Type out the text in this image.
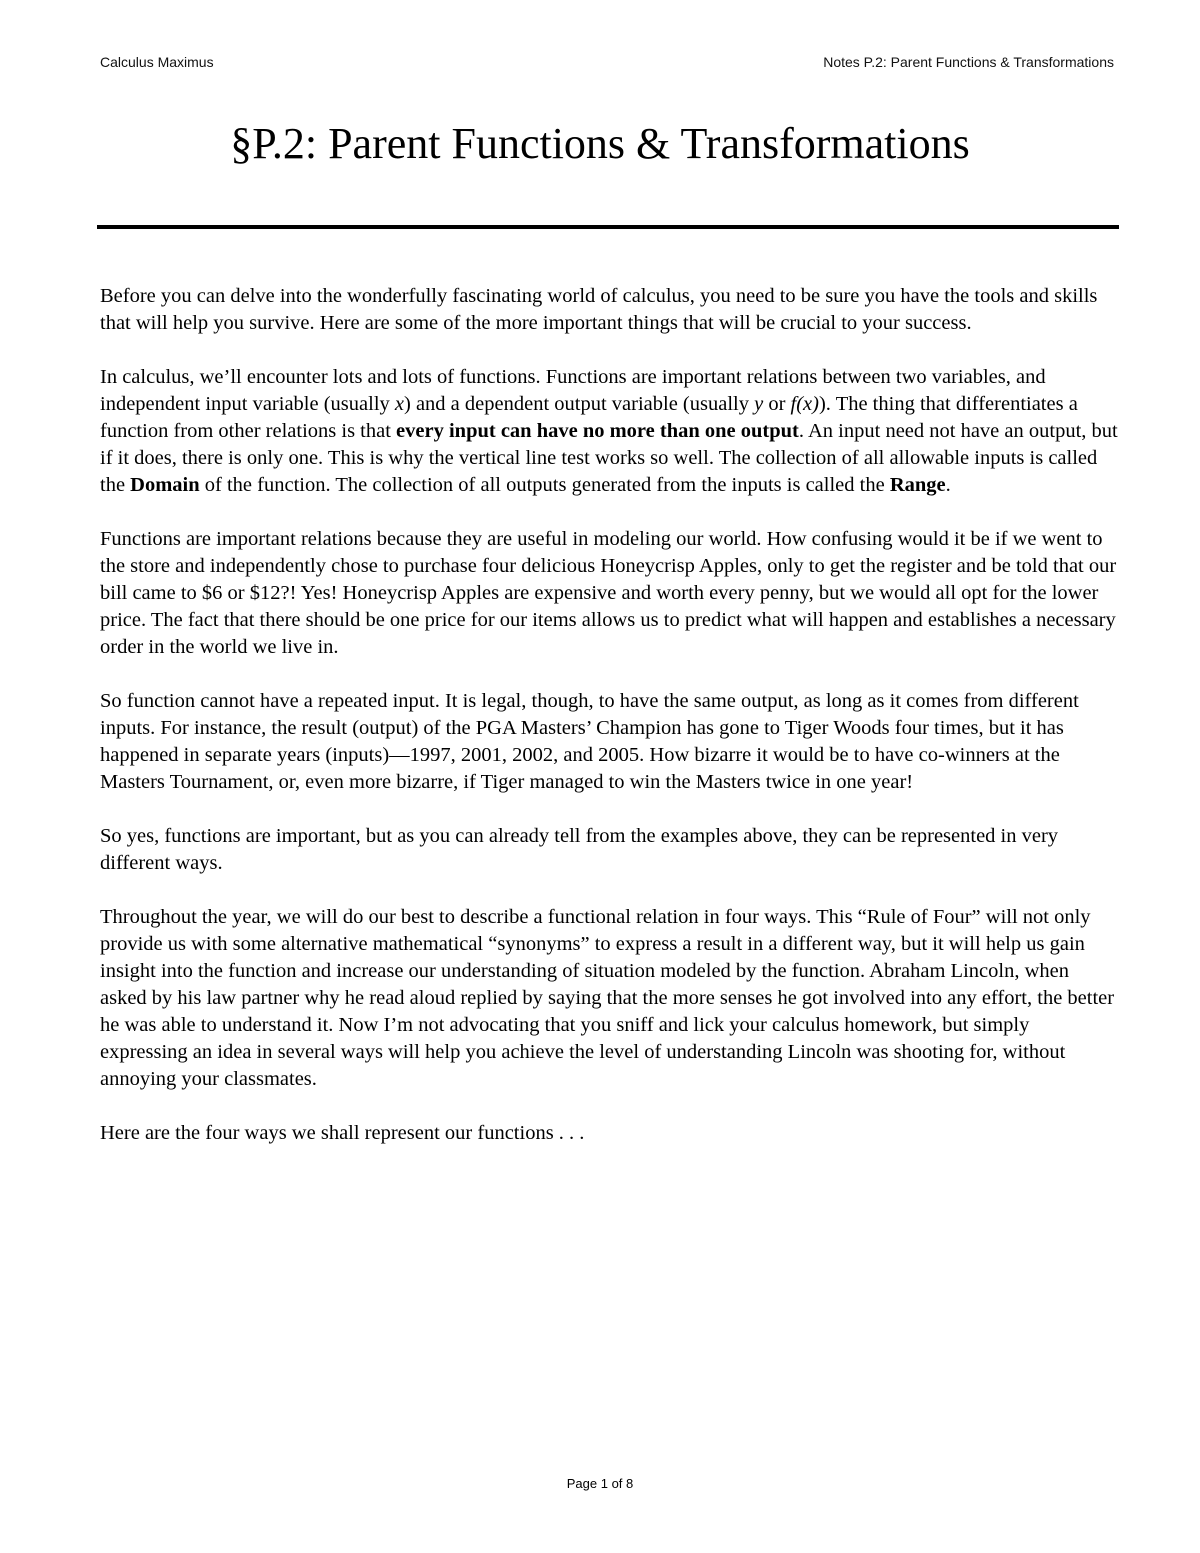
Calculus Maximus	Notes P.2: Parent Functions & Transformations
§P.2: Parent Functions & Transformations

Before you can delve into the wonderfully fascinating world of calculus, you need to be sure you have the tools and skills that will help you survive. Here are some of the more important things that will be crucial to your success.

In calculus, we’ll encounter lots and lots of functions. Functions are important relations between two variables, and independent input variable (usually x) and a dependent output variable (usually y or f(x)). The thing that differentiates a function from other relations is that every input can have no more than one output. An input need not have an output, but if it does, there is only one. This is why the vertical line test works so well. The collection of all allowable inputs is called the Domain of the function. The collection of all outputs generated from the inputs is called the Range.

Functions are important relations because they are useful in modeling our world. How confusing would it be if we went to the store and independently chose to purchase four delicious Honeycrisp Apples, only to get the register and be told that our bill came to $6 or $12?! Yes! Honeycrisp Apples are expensive and worth every penny, but we would all opt for the lower price. The fact that there should be one price for our items allows us to predict what will happen and establishes a necessary order in the world we live in.

So function cannot have a repeated input. It is legal, though, to have the same output, as long as it comes from different inputs. For instance, the result (output) of the PGA Masters’ Champion has gone to Tiger Woods four times, but it has happened in separate years (inputs)—1997, 2001, 2002, and 2005. How bizarre it would be to have co-winners at the Masters Tournament, or, even more bizarre, if Tiger managed to win the Masters twice in one year!

So yes, functions are important, but as you can already tell from the examples above, they can be represented in very different ways.

Throughout the year, we will do our best to describe a functional relation in four ways. This “Rule of Four” will not only provide us with some alternative mathematical “synonyms” to express a result in a different way, but it will help us gain insight into the function and increase our understanding of situation modeled by the function. Abraham Lincoln, when asked by his law partner why he read aloud replied by saying that the more senses he got involved into any effort, the better he was able to understand it. Now I’m not advocating that you sniff and lick your calculus homework, but simply expressing an idea in several ways will help you achieve the level of understanding Lincoln was shooting for, without annoying your classmates.

Here are the four ways we shall represent our functions . . .

Page 1 of 8
